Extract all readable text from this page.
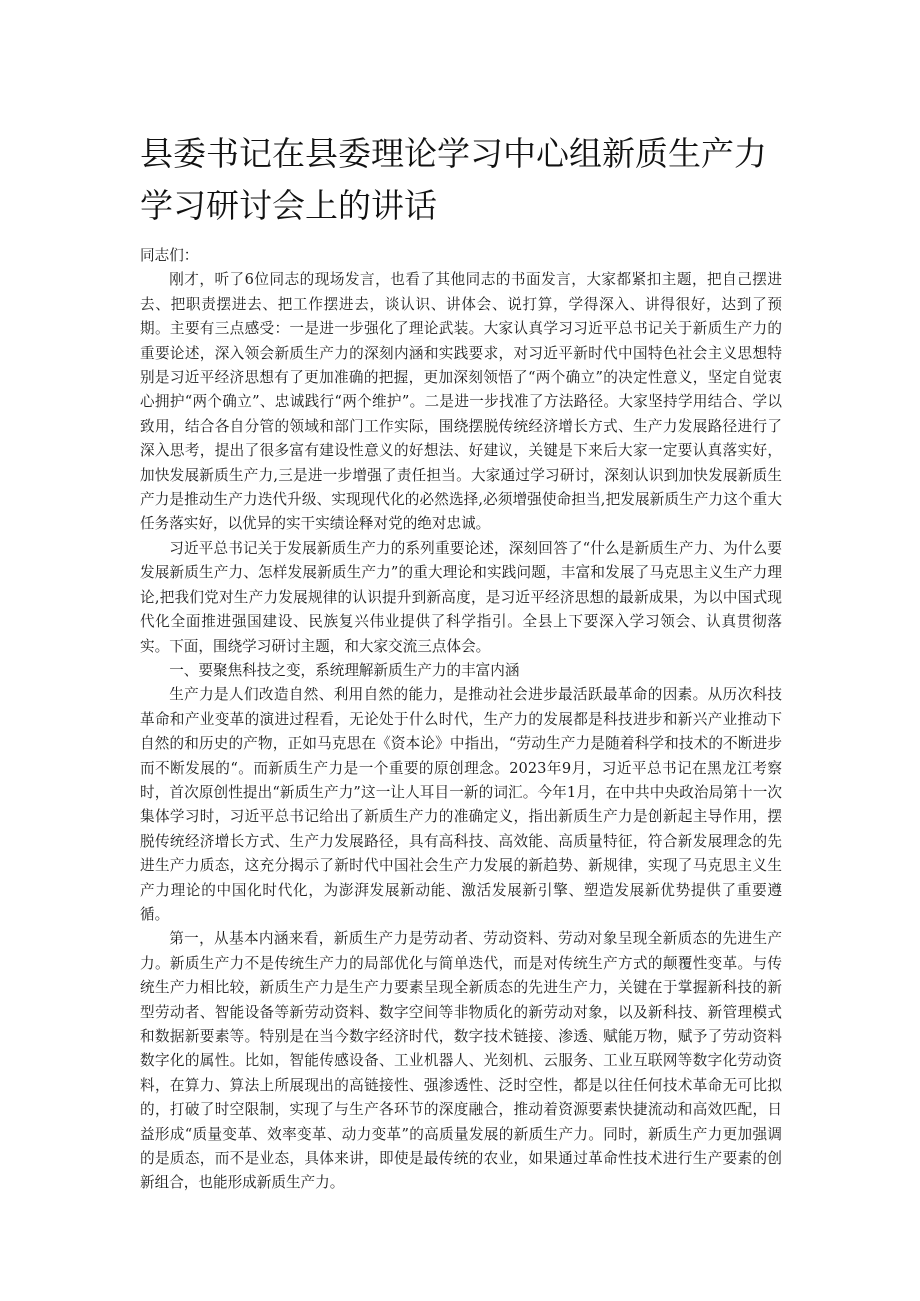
县委书记在县委理论学习中心组新质生产力学习研讨会上的讲话

同志们：

刚才，听了6位同志的现场发言，也看了其他同志的书面发言，大家都紧扣主题，把自己摆进去、把职责摆进去、把工作摆进去，谈认识、讲体会、说打算，学得深入、讲得很好，达到了预期。主要有三点感受：一是进一步强化了理论武装。大家认真学习习近平总书记关于新质生产力的重要论述，深入领会新质生产力的深刻内涵和实践要求，对习近平新时代中国特色社会主义思想特别是习近平经济思想有了更加准确的把握，更加深刻领悟了“两个确立”的决定性意义，坚定自觉衷心拥护“两个确立”、忠诚践行“两个维护”。二是进一步找准了方法路径。大家坚持学用结合、学以致用，结合各自分管的领域和部门工作实际，围绕摆脱传统经济增长方式、生产力发展路径进行了深入思考，提出了很多富有建设性意义的好想法、好建议，关键是下来后大家一定要认真落实好，加快发展新质生产力,三是进一步增强了责任担当。大家通过学习研讨，深刻认识到加快发展新质生产力是推动生产力迭代升级、实现现代化的必然选择,必须增强使命担当,把发展新质生产力这个重大任务落实好，以优异的实干实绩诠释对党的绝对忠诚。

习近平总书记关于发展新质生产力的系列重要论述，深刻回答了“什么是新质生产力、为什么要发展新质生产力、怎样发展新质生产力”的重大理论和实践问题，丰富和发展了马克思主义生产力理论,把我们党对生产力发展规律的认识提升到新高度，是习近平经济思想的最新成果，为以中国式现代化全面推进强国建设、民族复兴伟业提供了科学指引。全县上下要深入学习领会、认真贯彻落实。下面，围绕学习研讨主题，和大家交流三点体会。

一、要聚焦科技之变，系统理解新质生产力的丰富内涵

生产力是人们改造自然、利用自然的能力，是推动社会进步最活跃最革命的因素。从历次科技革命和产业变革的演进过程看，无论处于什么时代，生产力的发展都是科技进步和新兴产业推动下自然的和历史的产物，正如马克思在《资本论》中指出，“劳动生产力是随着科学和技术的不断进步而不断发展的“。而新质生产力是一个重要的原创理念。2023年9月，习近平总书记在黑龙江考察时，首次原创性提出“新质生产力”这一让人耳目一新的词汇。今年1月，在中共中央政治局第十一次集体学习时，习近平总书记给出了新质生产力的准确定义，指出新质生产力是创新起主导作用，摆脱传统经济增长方式、生产力发展路径，具有高科技、高效能、高质量特征，符合新发展理念的先进生产力质态，这充分揭示了新时代中国社会生产力发展的新趋势、新规律，实现了马克思主义生产力理论的中国化时代化，为澎湃发展新动能、激活发展新引擎、塑造发展新优势提供了重要遵循。

第一，从基本内涵来看，新质生产力是劳动者、劳动资料、劳动对象呈现全新质态的先进生产力。新质生产力不是传统生产力的局部优化与简单迭代，而是对传统生产方式的颠覆性变革。与传统生产力相比较，新质生产力是生产力要素呈现全新质态的先进生产力，关键在于掌握新科技的新型劳动者、智能设备等新劳动资料、数字空间等非物质化的新劳动对象，以及新科技、新管理模式和数据新要素等。特别是在当今数字经济时代，数字技术链接、渗透、赋能万物，赋予了劳动资料数字化的属性。比如，智能传感设备、工业机器人、光刻机、云服务、工业互联网等数字化劳动资料，在算力、算法上所展现出的高链接性、强渗透性、泛时空性，都是以往任何技术革命无可比拟的，打破了时空限制，实现了与生产各环节的深度融合，推动着资源要素快捷流动和高效匹配，日益形成“质量变革、效率变革、动力变革”的高质量发展的新质生产力。同时，新质生产力更加强调的是质态，而不是业态，具体来讲，即使是最传统的农业，如果通过革命性技术进行生产要素的创新组合，也能形成新质生产力。
